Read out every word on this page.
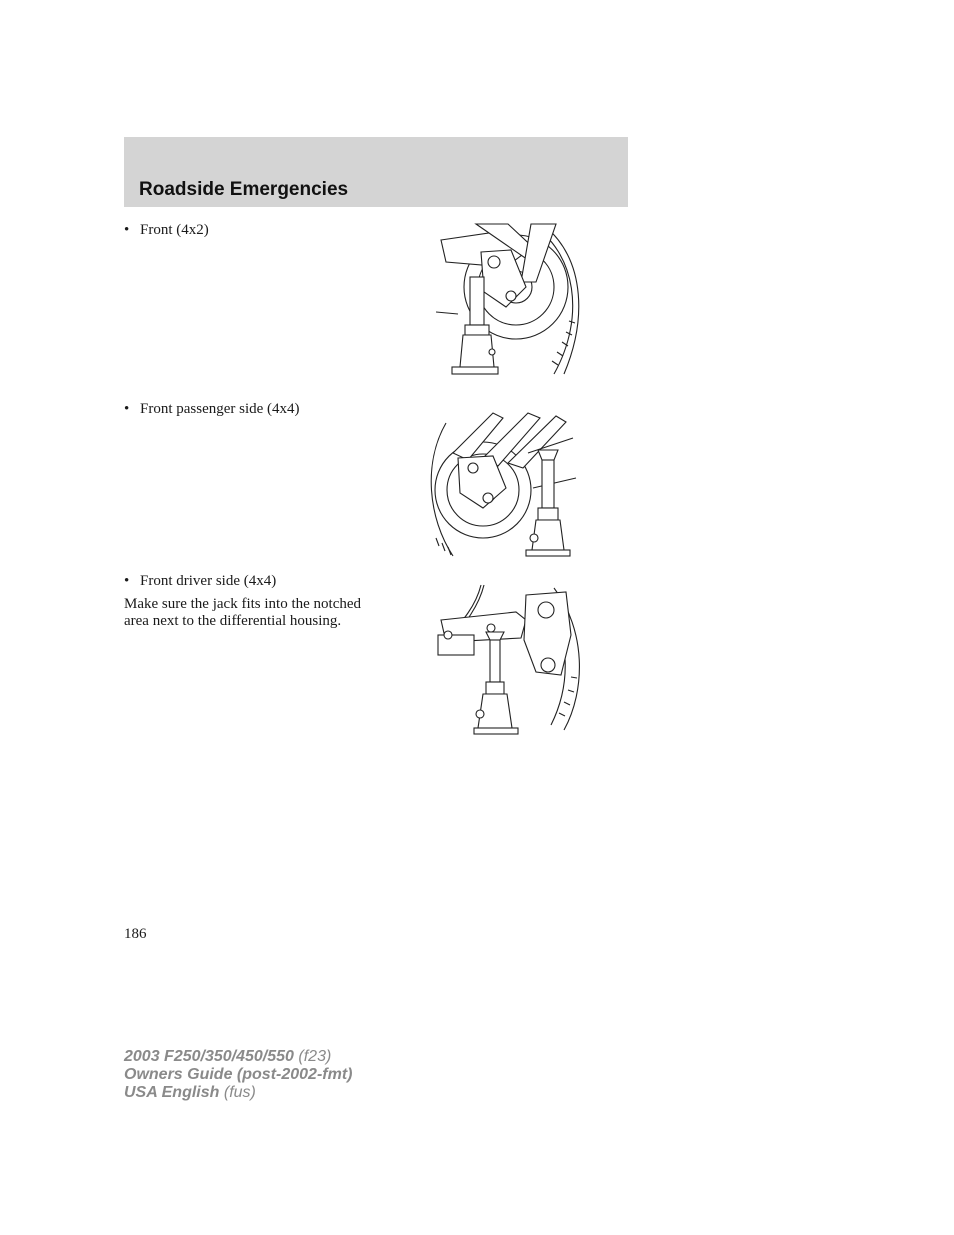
Roadside Emergencies
• Front (4x2)
• Front passenger side (4x4)
• Front driver side (4x4)

Make sure the jack fits into the notched area next to the differential housing.

186
2003 F250/350/450/550 (f23)
Owners Guide (post-2002-fmt)
USA English (fus)
